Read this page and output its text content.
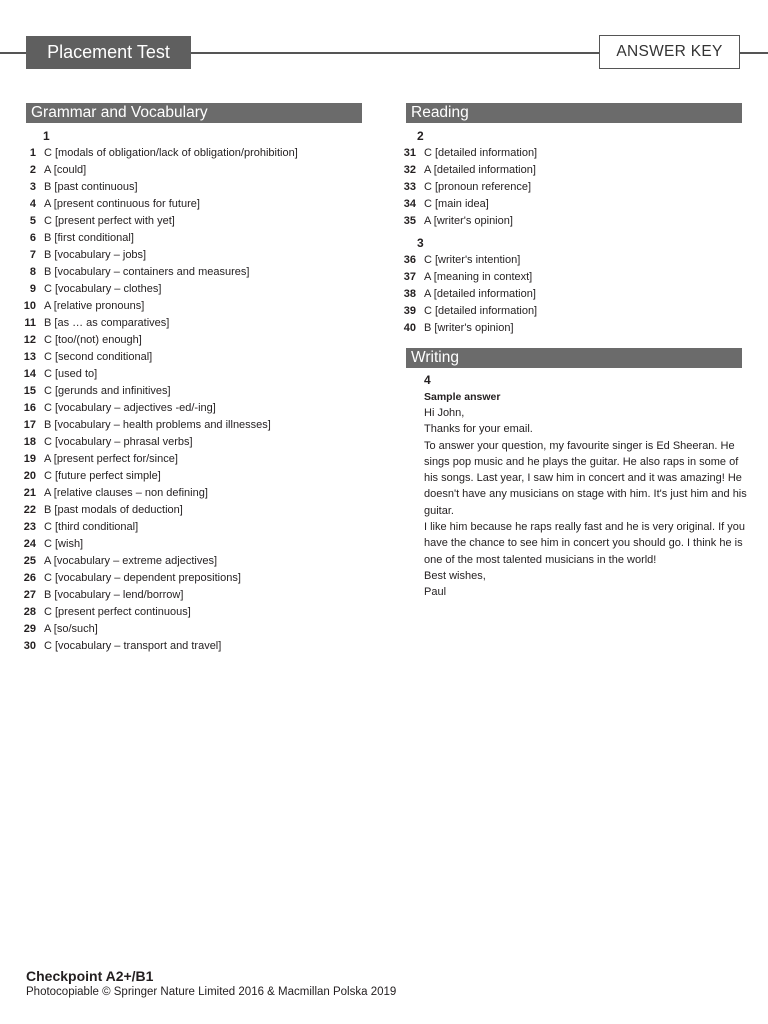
Placement Test	ANSWER KEY
Grammar and Vocabulary
1
1 C [modals of obligation/lack of obligation/prohibition]
2 A [could]
3 B [past continuous]
4 A [present continuous for future]
5 C [present perfect with yet]
6 B [first conditional]
7 B [vocabulary – jobs]
8 B [vocabulary – containers and measures]
9 C [vocabulary – clothes]
10 A [relative pronouns]
11 B [as … as comparatives]
12 C [too/(not) enough]
13 C [second conditional]
14 C [used to]
15 C [gerunds and infinitives]
16 C [vocabulary – adjectives -ed/-ing]
17 B [vocabulary – health problems and illnesses]
18 C [vocabulary – phrasal verbs]
19 A [present perfect for/since]
20 C [future perfect simple]
21 A [relative clauses – non defining]
22 B [past modals of deduction]
23 C [third conditional]
24 C [wish]
25 A [vocabulary – extreme adjectives]
26 C [vocabulary – dependent prepositions]
27 B [vocabulary – lend/borrow]
28 C [present perfect continuous]
29 A [so/such]
30 C [vocabulary – transport and travel]
Reading
2
31 C [detailed information]
32 A [detailed information]
33 C [pronoun reference]
34 C [main idea]
35 A [writer's opinion]
3
36 C [writer's intention]
37 A [meaning in context]
38 A [detailed information]
39 C [detailed information]
40 B [writer's opinion]
Writing
4
Sample answer

Hi John,

Thanks for your email.

To answer your question, my favourite singer is Ed Sheeran. He sings pop music and he plays the guitar. He also raps in some of his songs. Last year, I saw him in concert and it was amazing! He doesn't have any musicians on stage with him. It's just him and his guitar.

I like him because he raps really fast and he is very original. If you have the chance to see him in concert you should go. I think he is one of the most talented musicians in the world!

Best wishes,

Paul

Checkpoint A2+/B1
Photocopiable © Springer Nature Limited 2016 & Macmillan Polska 2019
